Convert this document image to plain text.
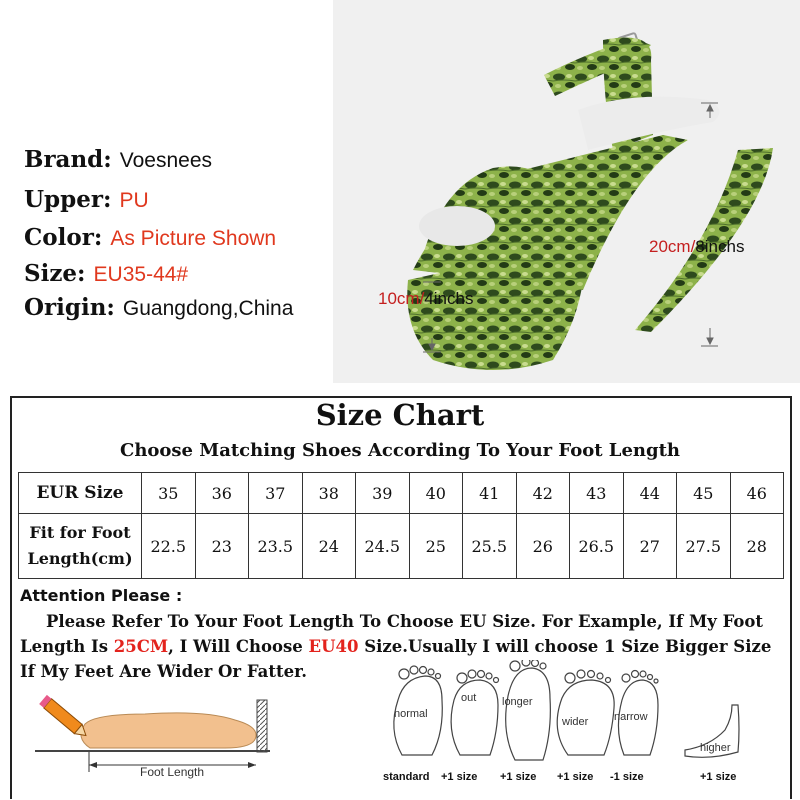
Brand: Voesnees
Upper: PU
Color: As Picture Shown
Size: EU35-44#
Origin: Guangdong,China
20cm/8inchs
10cm/4inchs
Size Chart
Choose Matching Shoes According To Your Foot Length
EUR Size	35	36	37	38	39	40	41	42	43	44	45	46
Fit for Foot Length(cm)	22.5	23	23.5	24	24.5	25	25.5	26	26.5	27	27.5	28
Attention Please :
Please Refer To Your Foot Length To Choose EU Size. For Example, If My Foot Length Is 25CM, I Will Choose EU40 Size.Usually I will choose 1 Size Bigger Size If My Feet Are Wider Or Fatter.
Foot Length
normal
out longer
wider narrow
higher
standard +1 size +1 size +1 size -1 size	+1 size
